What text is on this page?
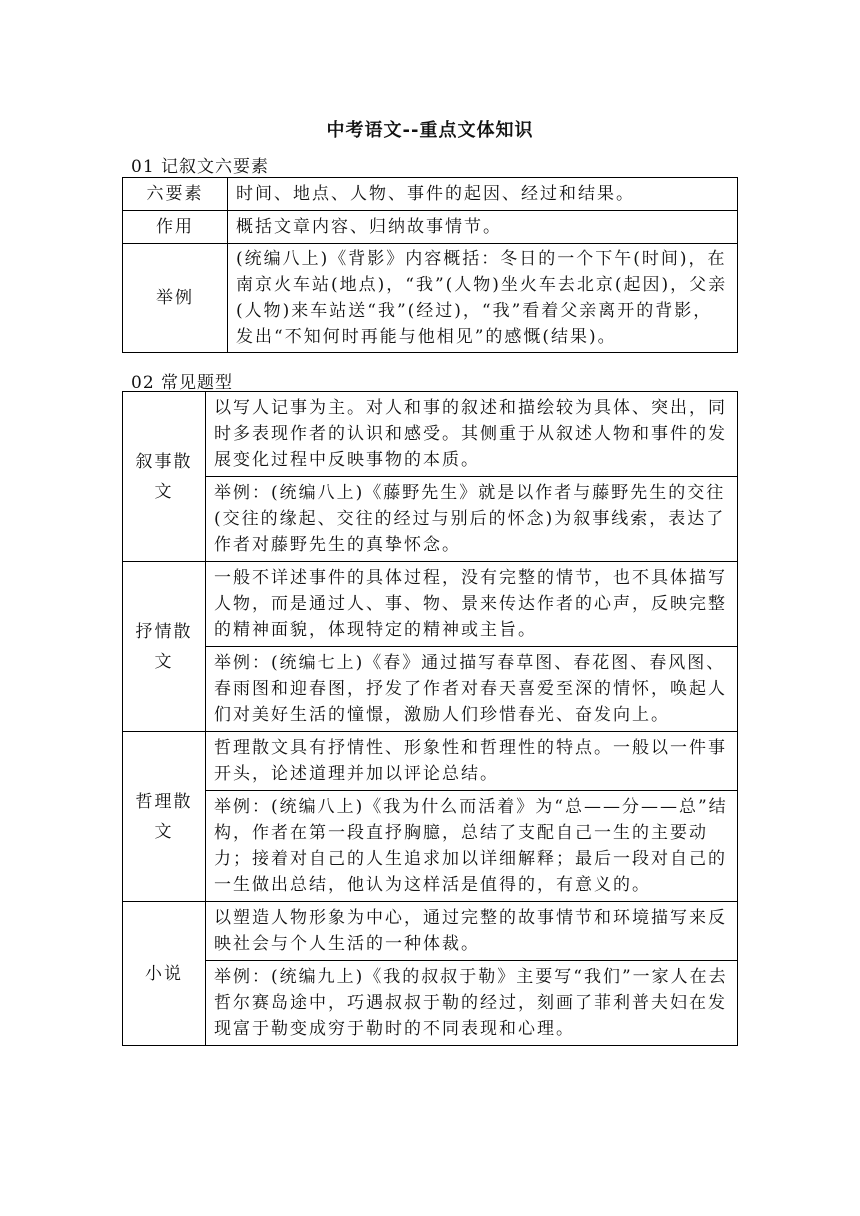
中考语文--重点文体知识
01 记叙文六要素
六要素	时间、地点、人物、事件的起因、经过和结果。
作用	概括文章内容、归纳故事情节。
举例	(统编八上)《背影》内容概括：冬日的一个下午(时间)，在南京火车站(地点)，“我”(人物)坐火车去北京(起因)，父亲(人物)来车站送“我”(经过)，“我”看着父亲离开的背影，发出“不知何时再能与他相见”的感慨(结果)。
02 常见题型
叙事散文	以写人记事为主。对人和事的叙述和描绘较为具体、突出，同时多表现作者的认识和感受。其侧重于从叙述人物和事件的发展变化过程中反映事物的本质。
	举例：(统编八上)《藤野先生》就是以作者与藤野先生的交往(交往的缘起、交往的经过与别后的怀念)为叙事线索，表达了作者对藤野先生的真挚怀念。
抒情散文	一般不详述事件的具体过程，没有完整的情节，也不具体描写人物，而是通过人、事、物、景来传达作者的心声，反映完整的精神面貌，体现特定的精神或主旨。
	举例：(统编七上)《春》通过描写春草图、春花图、春风图、春雨图和迎春图，抒发了作者对春天喜爱至深的情怀，唤起人们对美好生活的憧憬，激励人们珍惜春光、奋发向上。
哲理散文	哲理散文具有抒情性、形象性和哲理性的特点。一般以一件事开头，论述道理并加以评论总结。
	举例：(统编八上)《我为什么而活着》为“总——分——总”结构，作者在第一段直抒胸臆，总结了支配自己一生的主要动力；接着对自己的人生追求加以详细解释；最后一段对自己的一生做出总结，他认为这样活是值得的，有意义的。
小说	以塑造人物形象为中心，通过完整的故事情节和环境描写来反映社会与个人生活的一种体裁。
	举例：(统编九上)《我的叔叔于勒》主要写“我们”一家人在去哲尔赛岛途中，巧遇叔叔于勒的经过，刻画了菲利普夫妇在发现富于勒变成穷于勒时的不同表现和心理。
